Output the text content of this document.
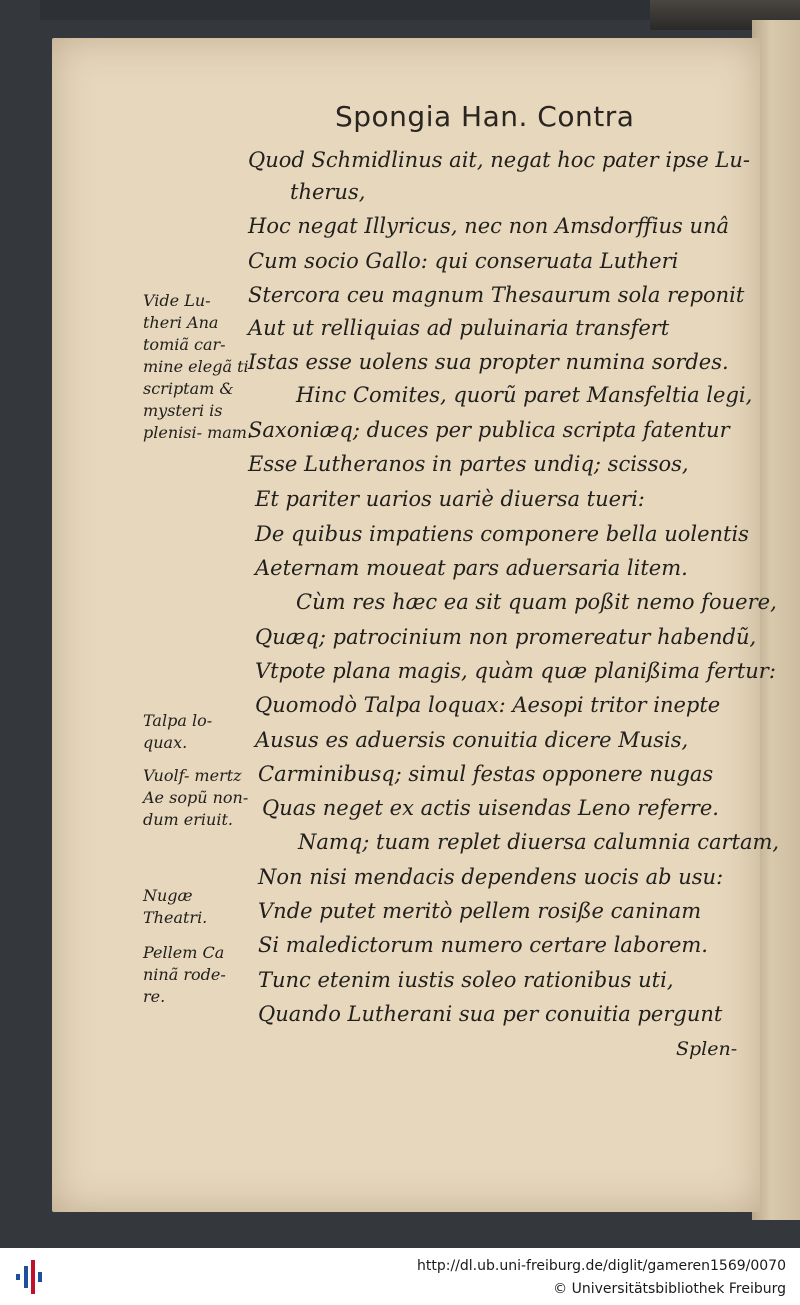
Spongia Han. Contra
Quod Schmidlinus ait, negat hoc pater ipse Lu-
therus,
Hoc negat Illyricus, nec non Amsdorffius unâ
Cum socio Gallo: qui conseruata Lutheri
Stercora ceu magnum Thesaurum sola reponit
Aut ut relliquias ad puluinaria transfert
Istas esse uolens sua propter numina sordes.
Hinc Comites, quorũ paret Mansfeltia legi,
Saxoniæq; duces per publica scripta fatentur
Esse Lutheranos in partes undiq; scissos,
Et pariter uarios uariè diuersa tueri:
De quibus impatiens componere bella uolentis
Aeternam moueat pars aduersaria litem.
Cùm res hæc ea sit quam poßit nemo fouere,
Quæq; patrocinium non promereatur habendũ,
Vtpote plana magis, quàm quæ planißima fertur:
Quomodò Talpa loquax: Aesopi tritor inepte
Ausus es aduersis conuitia dicere Musis,
Carminibusq; simul festas opponere nugas
Quas neget ex actis uisendas Leno referre.
Namq; tuam replet diuersa calumnia cartam,
Non nisi mendacis dependens uocis ab usu:
Vnde putet meritò pellem rosiße caninam
Si maledictorum numero certare laborem.
Tunc etenim iustis soleo rationibus uti,
Quando Lutherani sua per conuitia pergunt
Vide Lu- theri Ana tomiã car- mine elegã ti scriptam & mysteri is plenisi- mam.
Talpa lo- quax.
Vuolf- mertz Ae sopũ non- dum eriuit.
Nugæ Theatri.
Pellem Ca ninã rode- re.
Splen-
http://dl.ub.uni-freiburg.de/diglit/gameren1569/0070
© Universitätsbibliothek Freiburg
